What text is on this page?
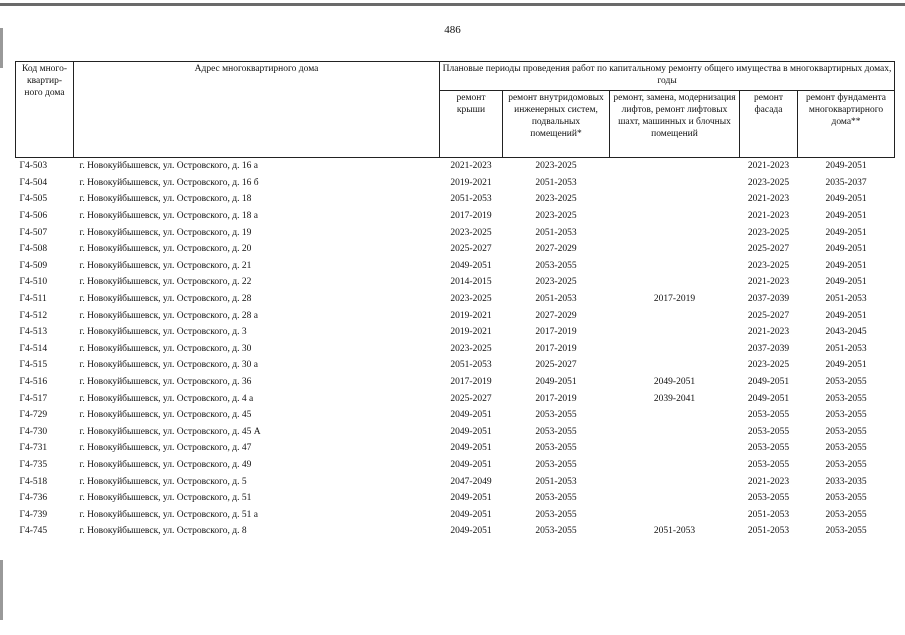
486
Код много-квартир-ного дома	Адрес многоквартирного дома	Плановые периоды проведения работ по капитальному ремонту общего имущества в многоквартирных домах, годы				
		ремонт крыши	ремонт внутридомовых инженерных систем, подвальных помещений*	ремонт, замена, модернизация лифтов, ремонт лифтовых шахт, машинных и блочных помещений	ремонт фасада	ремонт фундамента многоквартирного дома**
Г4-503	г. Новокуйбышевск, ул. Островского, д. 16 а	2021-2023	2023-2025		2021-2023	2049-2051
Г4-504	г. Новокуйбышевск, ул. Островского, д. 16 б	2019-2021	2051-2053		2023-2025	2035-2037
Г4-505	г. Новокуйбышевск, ул. Островского, д. 18	2051-2053	2023-2025		2021-2023	2049-2051
Г4-506	г. Новокуйбышевск, ул. Островского, д. 18 а	2017-2019	2023-2025		2021-2023	2049-2051
Г4-507	г. Новокуйбышевск, ул. Островского, д. 19	2023-2025	2051-2053		2023-2025	2049-2051
Г4-508	г. Новокуйбышевск, ул. Островского, д. 20	2025-2027	2027-2029		2025-2027	2049-2051
Г4-509	г. Новокуйбышевск, ул. Островского, д. 21	2049-2051	2053-2055		2023-2025	2049-2051
Г4-510	г. Новокуйбышевск, ул. Островского, д. 22	2014-2015	2023-2025		2021-2023	2049-2051
Г4-511	г. Новокуйбышевск, ул. Островского, д. 28	2023-2025	2051-2053	2017-2019	2037-2039	2051-2053
Г4-512	г. Новокуйбышевск, ул. Островского, д. 28 а	2019-2021	2027-2029		2025-2027	2049-2051
Г4-513	г. Новокуйбышевск, ул. Островского, д. 3	2019-2021	2017-2019		2021-2023	2043-2045
Г4-514	г. Новокуйбышевск, ул. Островского, д. 30	2023-2025	2017-2019		2037-2039	2051-2053
Г4-515	г. Новокуйбышевск, ул. Островского, д. 30 а	2051-2053	2025-2027		2023-2025	2049-2051
Г4-516	г. Новокуйбышевск, ул. Островского, д. 36	2017-2019	2049-2051	2049-2051	2049-2051	2053-2055
Г4-517	г. Новокуйбышевск, ул. Островского, д. 4 а	2025-2027	2017-2019	2039-2041	2049-2051	2053-2055
Г4-729	г. Новокуйбышевск, ул. Островского, д. 45	2049-2051	2053-2055		2053-2055	2053-2055
Г4-730	г. Новокуйбышевск, ул. Островского, д. 45 А	2049-2051	2053-2055		2053-2055	2053-2055
Г4-731	г. Новокуйбышевск, ул. Островского, д. 47	2049-2051	2053-2055		2053-2055	2053-2055
Г4-735	г. Новокуйбышевск, ул. Островского, д. 49	2049-2051	2053-2055		2053-2055	2053-2055
Г4-518	г. Новокуйбышевск, ул. Островского, д. 5	2047-2049	2051-2053		2021-2023	2033-2035
Г4-736	г. Новокуйбышевск, ул. Островского, д. 51	2049-2051	2053-2055		2053-2055	2053-2055
Г4-739	г. Новокуйбышевск, ул. Островского, д. 51 а	2049-2051	2053-2055		2051-2053	2053-2055
Г4-745	г. Новокуйбышевск, ул. Островского, д. 8	2049-2051	2053-2055	2051-2053	2051-2053	2053-2055
